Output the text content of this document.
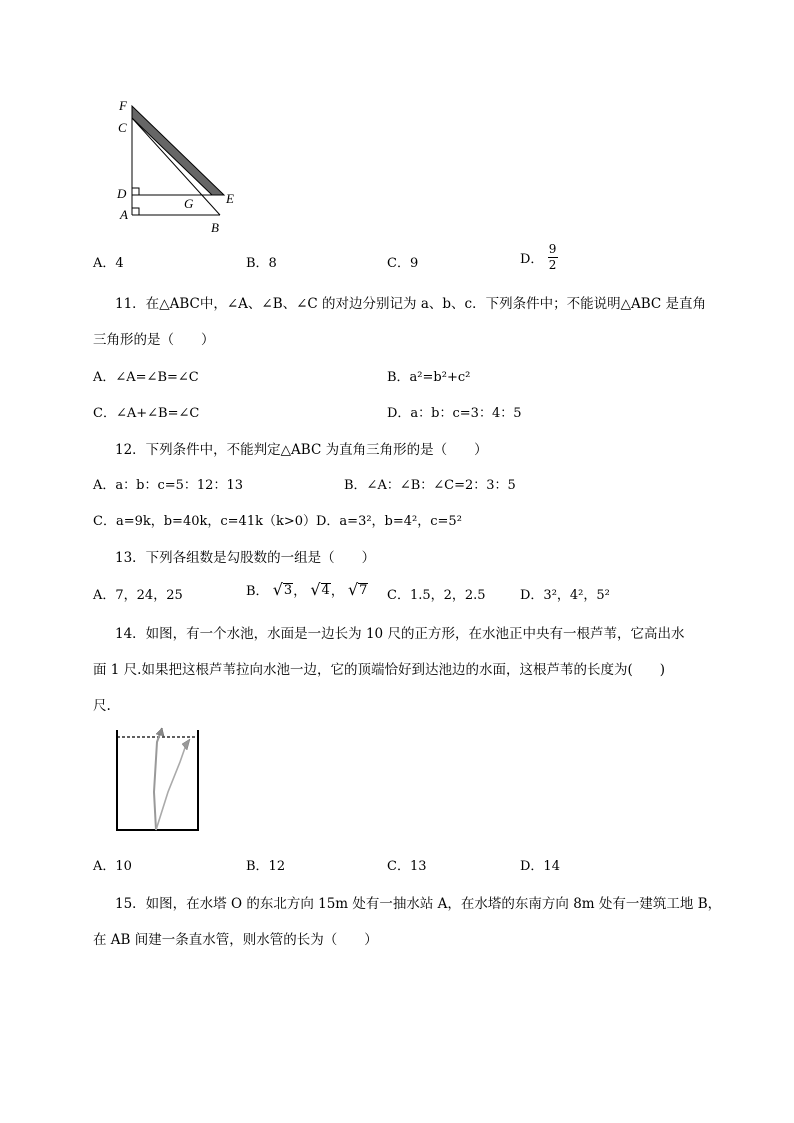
F
C
D
A
G	E
B
A．4	B．8	C．9	D． $\frac{9}{2}$
11．在△ABC中，∠A、∠B、∠C 的对边分别记为 a、b、c．下列条件中；不能说明△ABC 是直角
三角形的是（　　）
A．∠A=∠B=∠C	B．a²=b²+c²
C．∠A+∠B=∠C	D．a：b：c=3：4：5
12．下列条件中，不能判定△ABC 为直角三角形的是（　　）
A．a：b：c=5：12：13	B．∠A：∠B：∠C=2：3：5
C．a=9k，b=40k，c=41k（k>0）D．a=3²，b=4²，c=5²
13．下列各组数是勾股数的一组是（　　）
A．7，24，25	B． √ 3 ， √ 4 ， √ 7 C．1.5，2，2.5	D．3²，4²，5²
14．如图，有一个水池，水面是一边长为 10 尺的正方形，在水池正中央有一根芦苇，它高出水
面 1 尺.如果把这根芦苇拉向水池一边，它的顶端恰好到达池边的水面，这根芦苇的长度为(　　)
尺.
A．10	B．12	C．13	D．14
15．如图，在水塔 O 的东北方向 15m 处有一抽水站 A，在水塔的东南方向 8m 处有一建筑工地 B，
在 AB 间建一条直水管，则水管的长为（　　）
